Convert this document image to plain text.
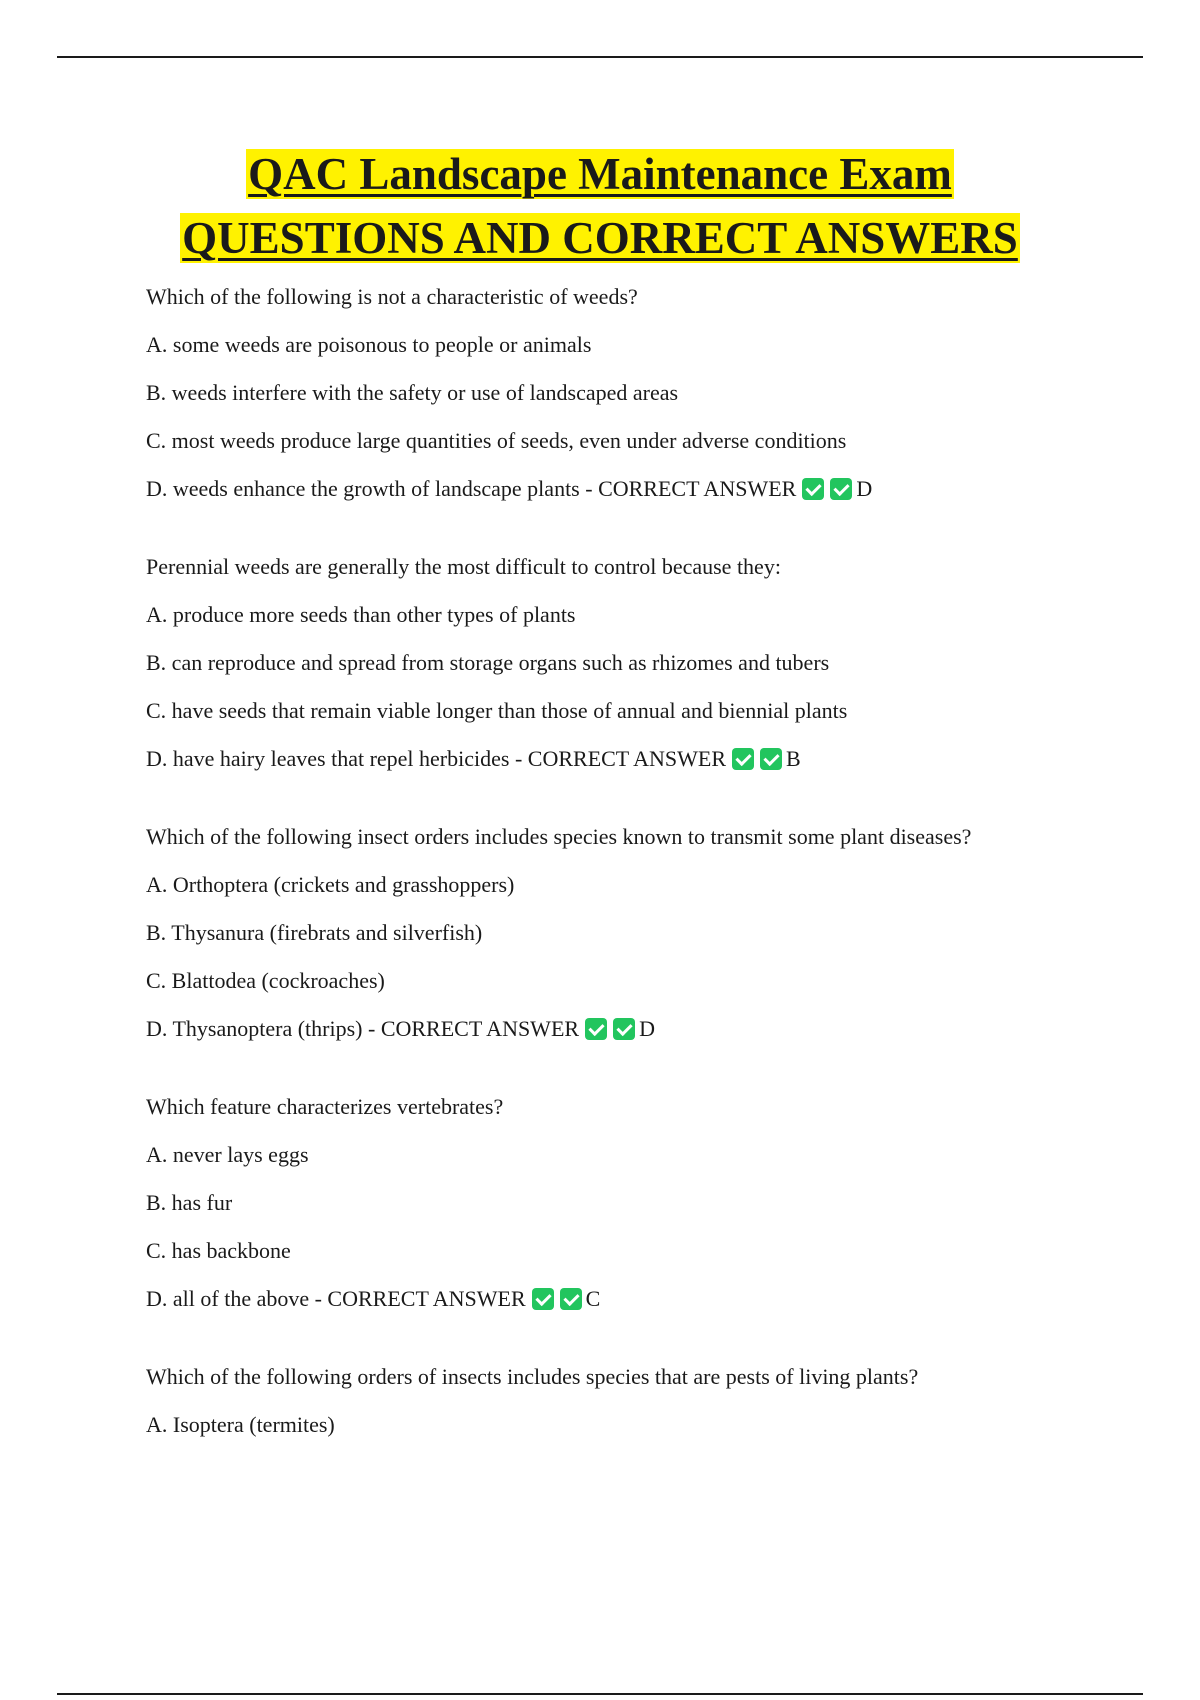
QAC Landscape Maintenance Exam
QUESTIONS AND CORRECT ANSWERS
Which of the following is not a characteristic of weeds?
A. some weeds are poisonous to people or animals
B. weeds interfere with the safety or use of landscaped areas
C. most weeds produce large quantities of seeds, even under adverse conditions
D. weeds enhance the growth of landscape plants
- CORRECT ANSWER	D
Perennial weeds are generally the most difficult to control because they:
A. produce more seeds than other types of plants
B. can reproduce and spread from storage organs such as rhizomes and tubers
C. have seeds that remain viable longer than those of annual and biennial plants
D. have hairy leaves that repel herbicides
- CORRECT ANSWER	B
Which of the following insect orders includes species known to transmit some plant diseases?
A. Orthoptera (crickets and grasshoppers)
B. Thysanura (firebrats and silverfish)
C. Blattodea (cockroaches)
D. Thysanoptera (thrips)
- CORRECT ANSWER	D
Which feature characterizes vertebrates?
A. never lays eggs
B. has fur
C. has backbone
D. all of the above
- CORRECT ANSWER	C
Which of the following orders of insects includes species that are pests of living plants?
A. Isoptera (termites)
